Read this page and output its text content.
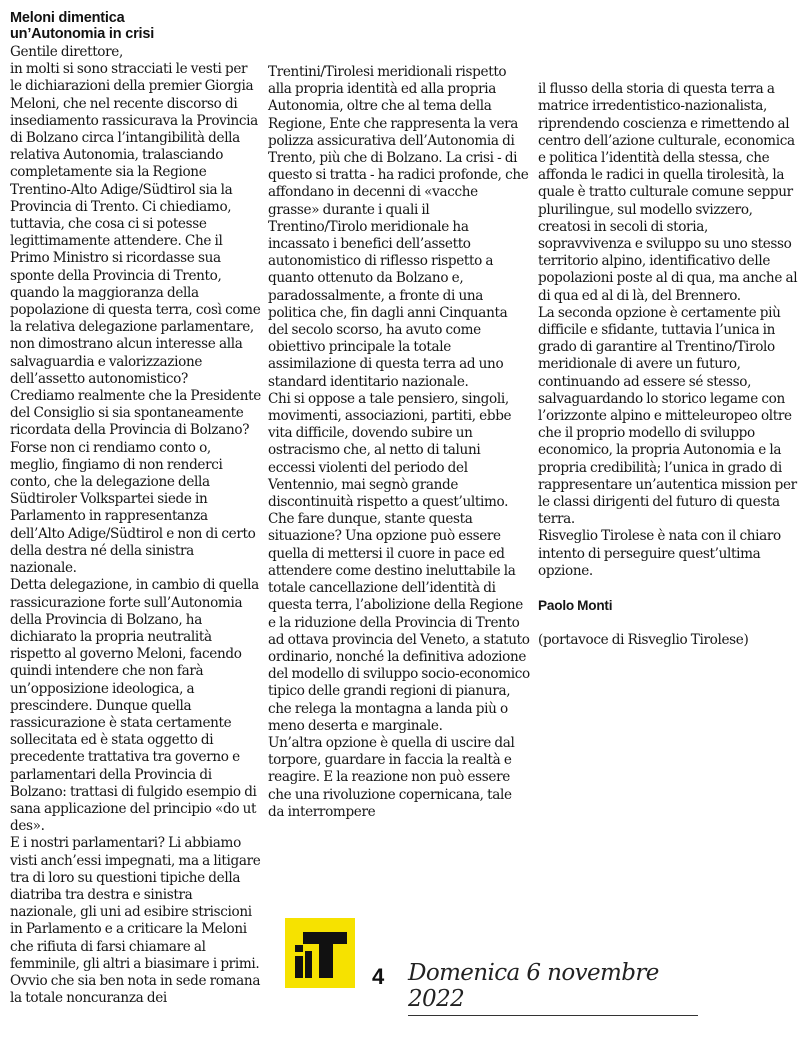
Meloni dimentica
un’Autonomia in crisi
Gentile direttore,
in molti si sono stracciati le vesti per le dichiarazioni della premier Giorgia Meloni, che nel recente discorso di insediamento rassicurava la Provincia di Bolzano circa l’intangibilità della relativa Autonomia, tralasciando completamente sia la Regione Trentino-Alto Adige/Südtirol sia la Provincia di Trento. Ci chiediamo, tuttavia, che cosa ci si potesse legittimamente attendere. Che il Primo Ministro si ricordasse sua sponte della Provincia di Trento, quando la maggioranza della popolazione di questa terra, così come la relativa delegazione parlamentare, non dimostrano alcun interesse alla salvaguardia e valorizzazione dell’assetto autonomistico?
Crediamo realmente che la Presidente del Consiglio si sia spontaneamente ricordata della Provincia di Bolzano? Forse non ci rendiamo conto o, meglio, fingiamo di non renderci conto, che la delegazione della Südtiroler Volkspartei siede in Parlamento in rappresentanza dell’Alto Adige/Südtirol e non di certo della destra né della sinistra nazionale.
Detta delegazione, in cambio di quella rassicurazione forte sull’Autonomia della Provincia di Bolzano, ha dichiarato la propria neutralità rispetto al governo Meloni, facendo quindi intendere che non farà un’opposizione ideologica, a prescindere. Dunque quella rassicurazione è stata certamente sollecitata ed è stata oggetto di precedente trattativa tra governo e parlamentari della Provincia di Bolzano: trattasi di fulgido esempio di sana applicazione del principio «do ut des».
E i nostri parlamentari? Li abbiamo visti anch’essi impegnati, ma a litigare tra di loro su questioni tipiche della diatriba tra destra e sinistra nazionale, gli uni ad esibire striscioni in Parlamento e a criticare la Meloni che rifiuta di farsi chiamare al femminile, gli altri a biasimare i primi. Ovvio che sia ben nota in sede romana la totale noncuranza dei
Trentini/Tirolesi meridionali rispetto alla propria identità ed alla propria Autonomia, oltre che al tema della Regione, Ente che rappresenta la vera polizza assicurativa dell’Autonomia di Trento, più che di Bolzano. La crisi - di questo si tratta - ha radici profonde, che affondano in decenni di «vacche grasse» durante i quali il Trentino/Tirolo meridionale ha incassato i benefici dell’assetto autonomistico di riflesso rispetto a quanto ottenuto da Bolzano e, paradossalmente, a fronte di una politica che, fin dagli anni Cinquanta del secolo scorso, ha avuto come obiettivo principale la totale assimilazione di questa terra ad uno standard identitario nazionale.
Chi si oppose a tale pensiero, singoli, movimenti, associazioni, partiti, ebbe vita difficile, dovendo subire un ostracismo che, al netto di taluni eccessi violenti del periodo del Ventennio, mai segnò grande discontinuità rispetto a quest’ultimo. Che fare dunque, stante questa situazione? Una opzione può essere quella di mettersi il cuore in pace ed attendere come destino ineluttabile la totale cancellazione dell’identità di questa terra, l’abolizione della Regione e la riduzione della Provincia di Trento ad ottava provincia del Veneto, a statuto ordinario, nonché la definitiva adozione del modello di sviluppo socio-economico tipico delle grandi regioni di pianura, che relega la montagna a landa più o meno deserta e marginale.
Un’altra opzione è quella di uscire dal torpore, guardare in faccia la realtà e reagire. E la reazione non può essere che una rivoluzione copernicana, tale da interrompere

il flusso della storia di questa terra a matrice irredentistico-nazionalista, riprendendo coscienza e rimettendo al centro dell’azione culturale, economica e politica l’identità della stessa, che affonda le radici in quella tirolesità, la quale è tratto culturale comune seppur plurilingue, sul modello svizzero, creatosi in secoli di storia, sopravvivenza e sviluppo su uno stesso territorio alpino, identificativo delle popolazioni poste al di qua, ma anche al di qua ed al di là, del Brennero.
La seconda opzione è certamente più difficile e sfidante, tuttavia l’unica in grado di garantire al Trentino/Tirolo meridionale di avere un futuro, continuando ad essere sé stesso, salvaguardando lo storico legame con l’orizzonte alpino e mitteleuropeo oltre che il proprio modello di sviluppo economico, la propria Autonomia e la propria credibilità; l’unica in grado di rappresentare un’autentica mission per le classi dirigenti del futuro di questa terra.
Risveglio Tirolese è nata con il chiaro intento di perseguire quest’ultima opzione.

Paolo Monti

(portavoce di Risveglio Tirolese)

4 Domenica 6 novembre 2022
